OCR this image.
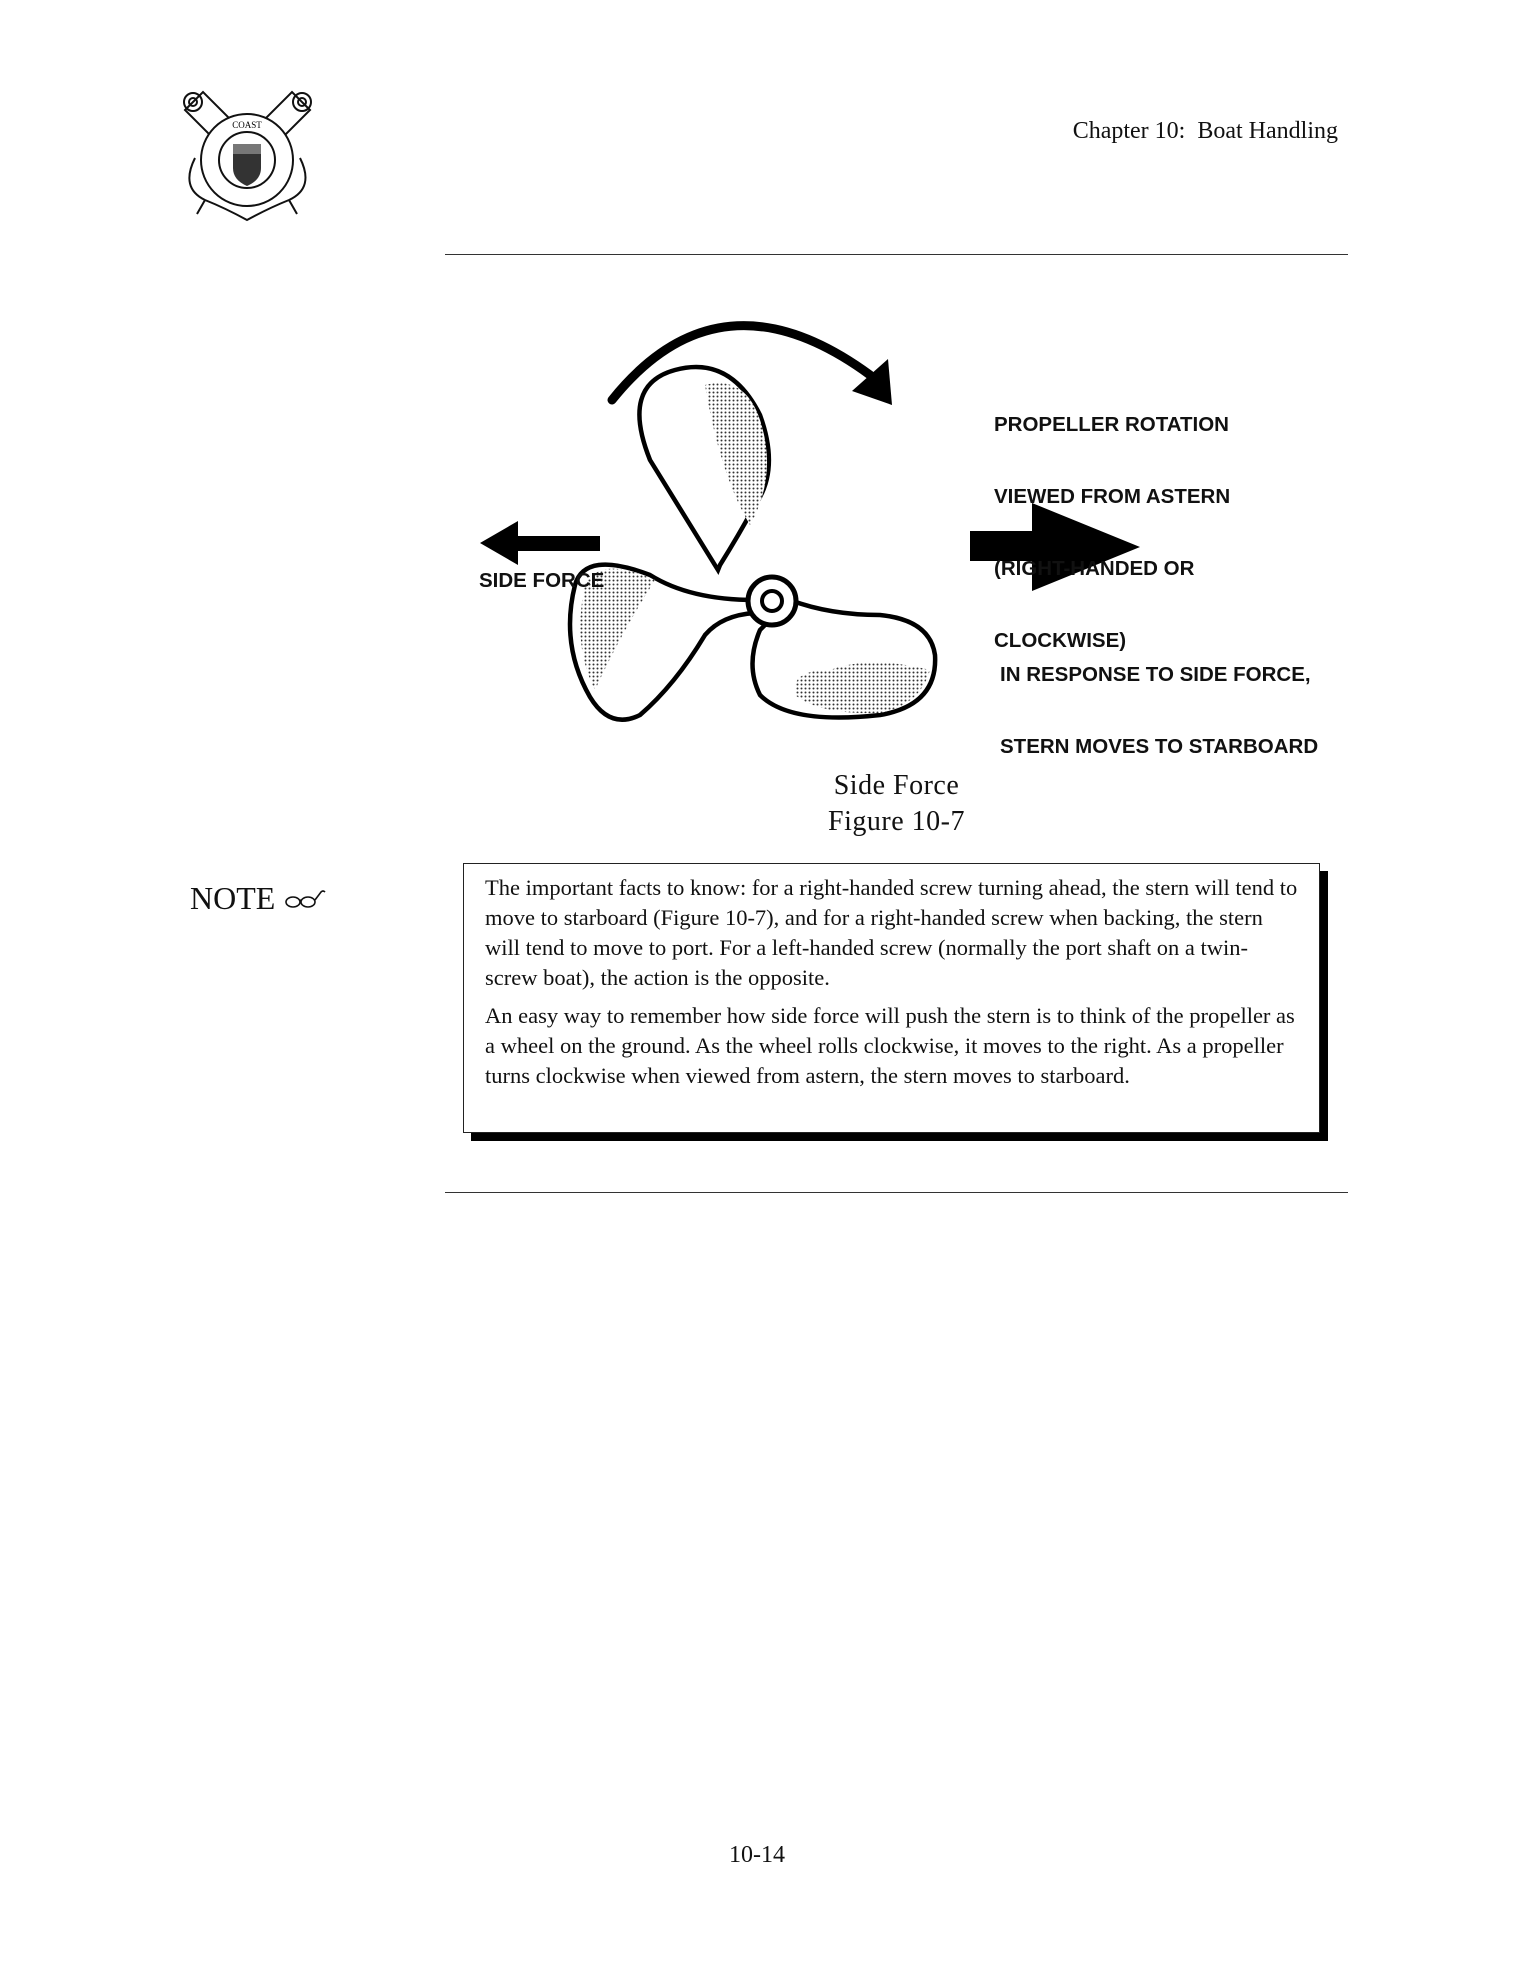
COAST	Chapter 10:  Boat Handling

PROPELLER ROTATION

VIEWED FROM ASTERN

(RIGHT-HANDED OR

CLOCKWISE)

SIDE FORCE

IN RESPONSE TO SIDE FORCE,

STERN MOVES TO STARBOARD

Side Force
Figure 10-7
NOTE	The important facts to know: for a right-handed screw turning ahead, the stern will tend to move to starboard (Figure 10-7), and for a right-handed screw when backing, the stern will tend to move to port. For a left-handed screw (normally the port shaft on a twin-screw boat), the action is the opposite.

An easy way to remember how side force will push the stern is to think of the propeller as a wheel on the ground. As the wheel rolls clockwise, it moves to the right. As a propeller turns clockwise when viewed from astern, the stern moves to starboard.

10-14
